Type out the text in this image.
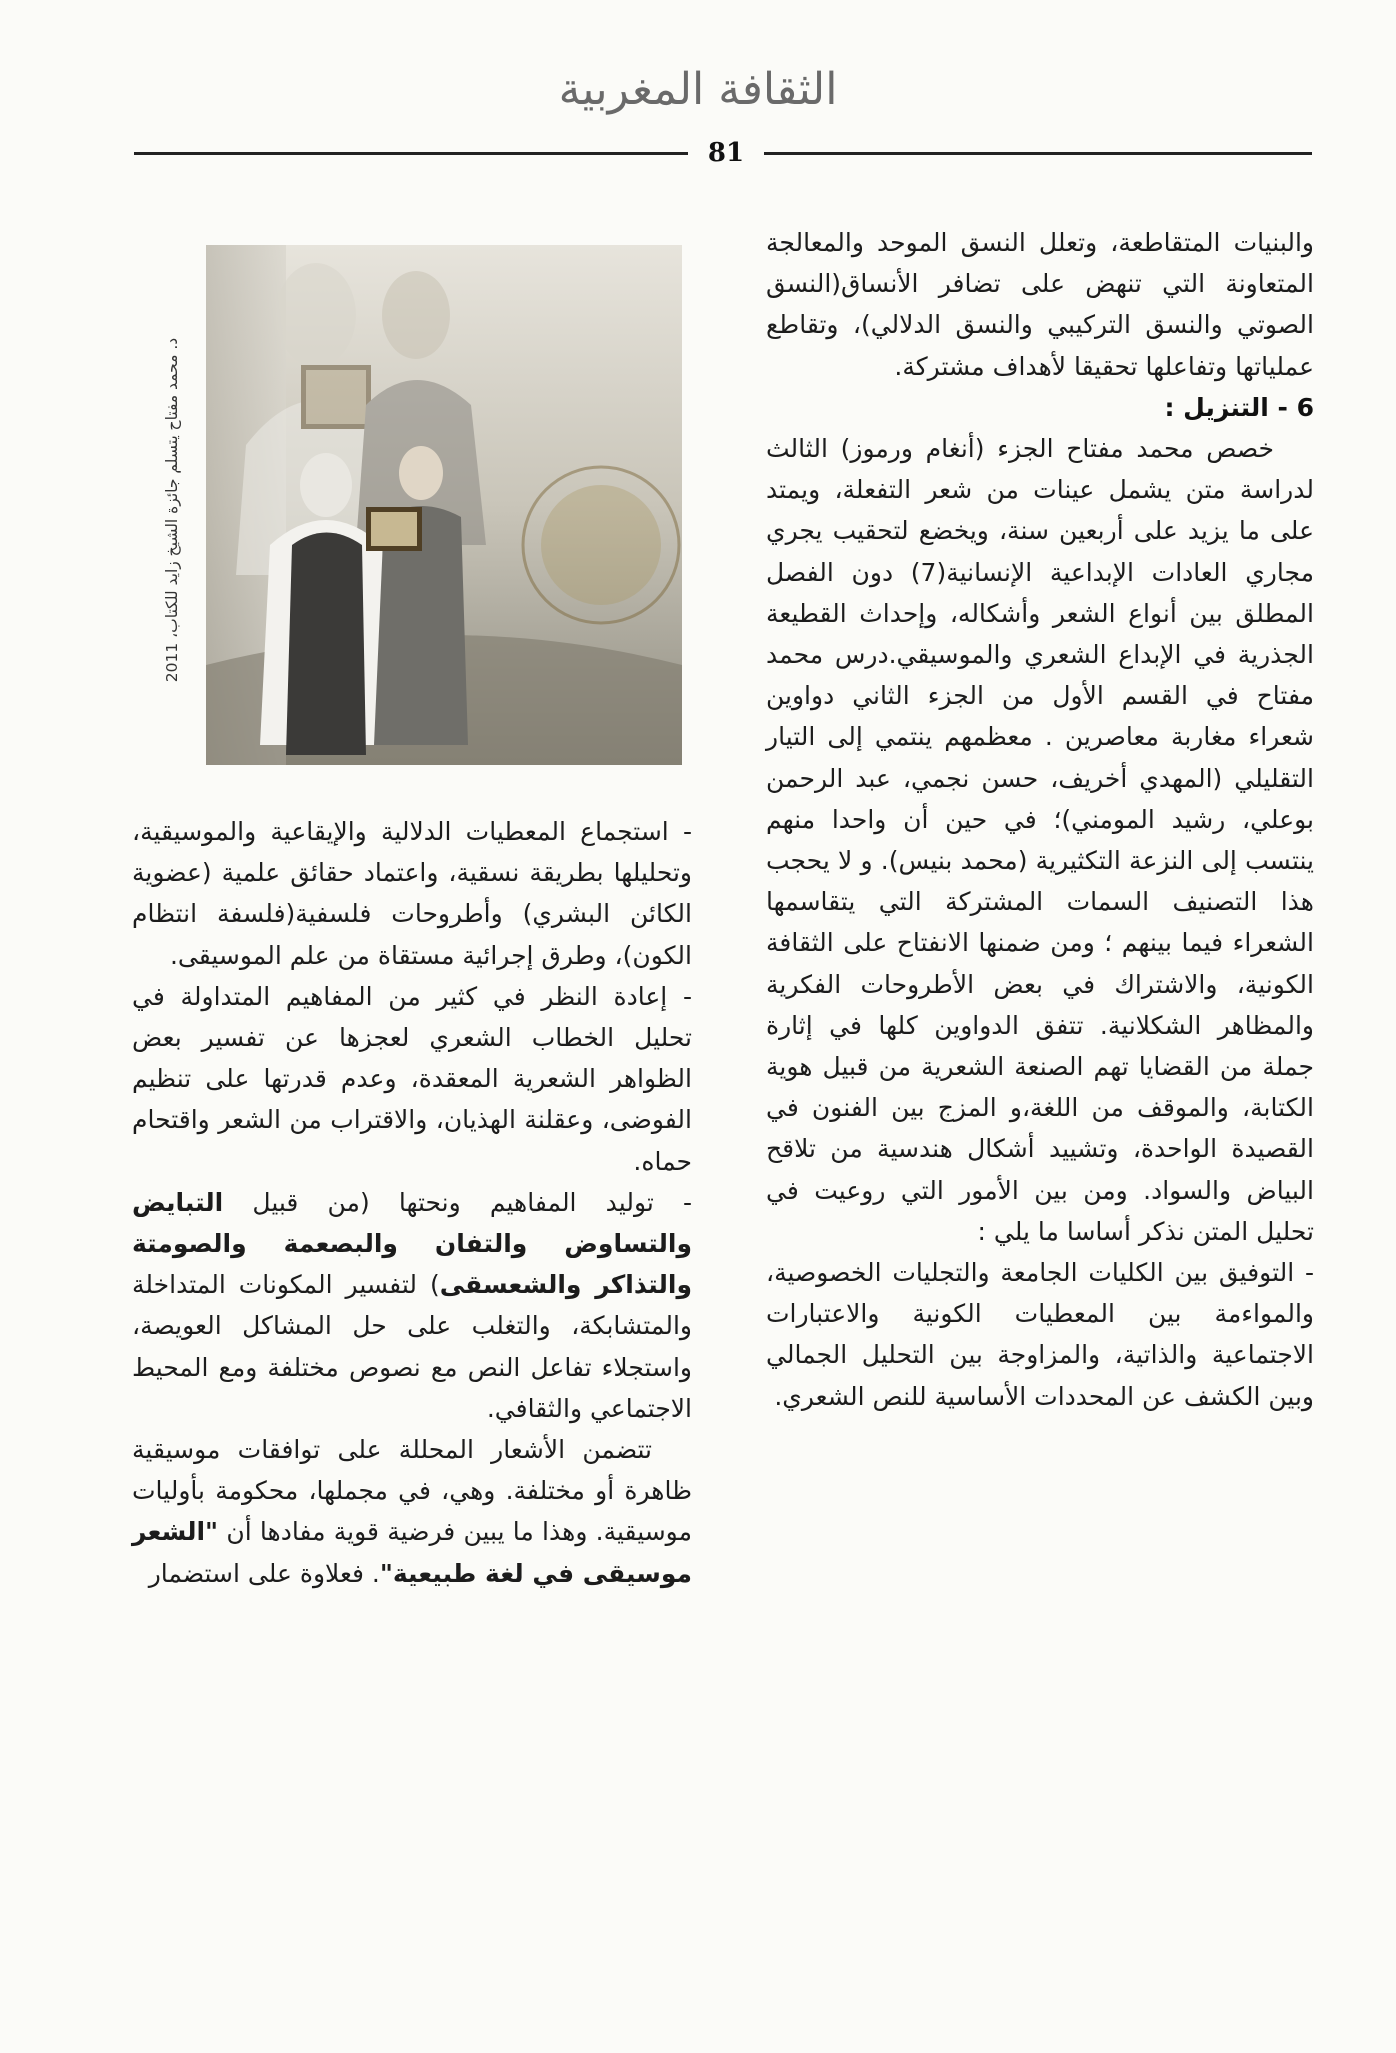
الثقافة المغربية
81

والبنيات المتقاطعة، وتعلل النسق الموحد والمعالجة المتعاونة التي تنهض على تضافر الأنساق(النسق الصوتي والنسق التركيبي والنسق الدلالي)، وتقاطع عملياتها وتفاعلها تحقيقا لأهداف مشتركة.

6 - التنزيل :

خصص محمد مفتاح الجزء (أنغام ورموز) الثالث لدراسة متن يشمل عينات من شعر التفعلة، ويمتد على ما يزيد على أربعين سنة، ويخضع لتحقيب يجري مجاري العادات الإبداعية الإنسانية(7) دون الفصل المطلق بين أنواع الشعر وأشكاله، وإحداث القطيعة الجذرية في الإبداع الشعري والموسيقي.درس محمد مفتاح في القسم الأول من الجزء الثاني دواوين شعراء مغاربة معاصرين . معظمهم ينتمي إلى التيار التقليلي (المهدي أخريف، حسن نجمي، عبد الرحمن بوعلي، رشيد المومني)؛ في حين أن واحدا منهم ينتسب إلى النزعة التكثيرية (محمد بنيس). و لا يحجب هذا التصنيف السمات المشتركة التي يتقاسمها الشعراء فيما بينهم ؛ ومن ضمنها الانفتاح على الثقافة الكونية، والاشتراك في بعض الأطروحات الفكرية والمظاهر الشكلانية. تتفق الدواوين كلها في إثارة جملة من القضايا تهم الصنعة الشعرية من قبيل هوية الكتابة، والموقف من اللغة،و المزج بين الفنون في القصيدة الواحدة، وتشييد أشكال هندسية من تلاقح البياض والسواد. ومن بين الأمور التي روعيت في تحليل المتن نذكر أساسا ما يلي :

- التوفيق بين الكليات الجامعة والتجليات الخصوصية، والمواءمة بين المعطيات الكونية والاعتبارات الاجتماعية والذاتية، والمزاوجة بين التحليل الجمالي وبين الكشف عن المحددات الأساسية للنص الشعري.

د. محمد مفتاح يتسلم جائزة الشيخ زايد للكتاب، 2011

- استجماع المعطيات الدلالية والإيقاعية والموسيقية، وتحليلها بطريقة نسقية، واعتماد حقائق علمية (عضوية الكائن البشري) وأطروحات فلسفية(فلسفة انتظام الكون)، وطرق إجرائية مستقاة من علم الموسيقى.

- إعادة النظر في كثير من المفاهيم المتداولة في تحليل الخطاب الشعري لعجزها عن تفسير بعض الظواهر الشعرية المعقدة، وعدم قدرتها على تنظيم الفوضى، وعقلنة الهذيان، والاقتراب من الشعر واقتحام حماه.

- توليد المفاهيم ونحتها (من قبيل التبايض والتساوض والتفان والبصعمة والصومتة والتذاكر والشعسقى) لتفسير المكونات المتداخلة والمتشابكة، والتغلب على حل المشاكل العويصة، واستجلاء تفاعل النص مع نصوص مختلفة ومع المحيط الاجتماعي والثقافي.

تتضمن الأشعار المحللة على توافقات موسيقية ظاهرة أو مختلفة. وهي، في مجملها، محكومة بأوليات موسيقية. وهذا ما يبين فرضية قوية مفادها أن "الشعر موسيقى في لغة طبيعية". فعلاوة على استضمار
